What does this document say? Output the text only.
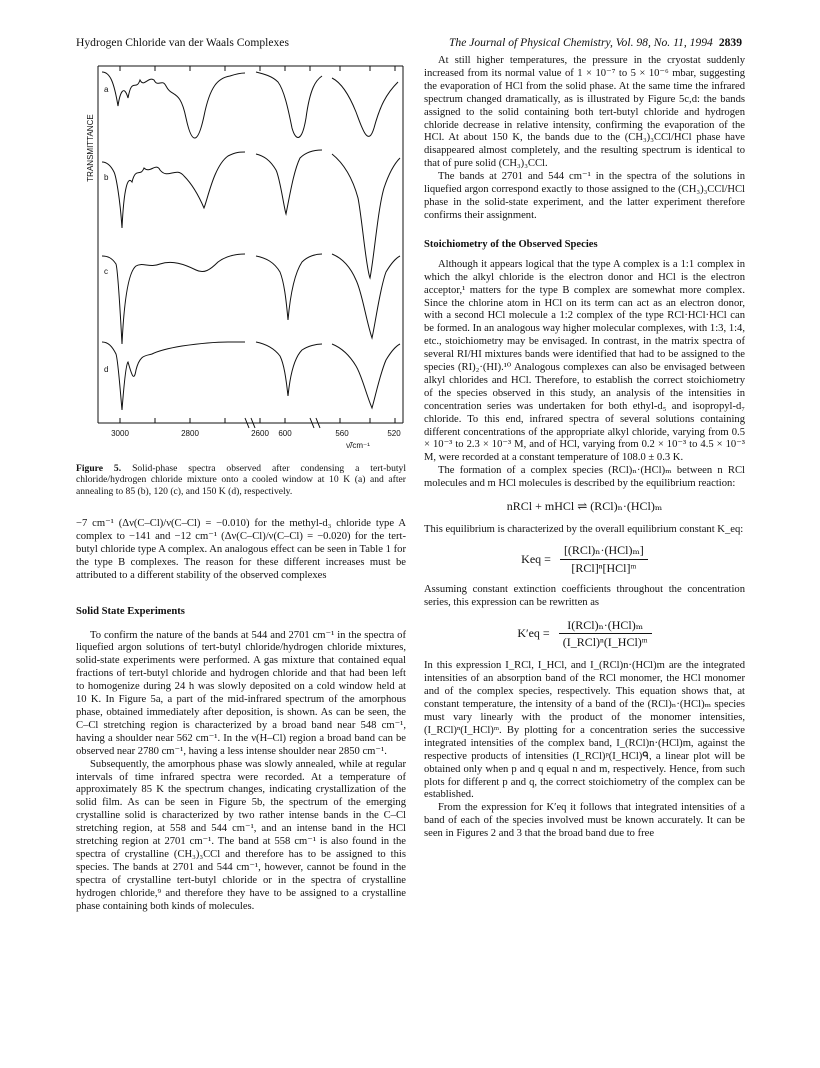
Hydrogen Chloride van der Waals Complexes	The Journal of Physical Chemistry, Vol. 98, No. 11, 1994 2839
TRANSMITTANCE
a
b
c
d
3000	2800	2600 600	560	520
ν̃/cm⁻¹
Figure 5. Solid-phase spectra observed after condensing a tert-butyl chloride/hydrogen chloride mixture onto a cooled window at 10 K (a) and after annealing to 85 (b), 120 (c), and 150 K (d), respectively.

−7 cm⁻¹ (Δν(C–Cl)/ν(C–Cl) = −0.010) for the methyl-d₃ chloride type A complex to −141 and −12 cm⁻¹ (Δν(C–Cl)/ν(C–Cl) = −0.020) for the tert-butyl chloride type A complex. An analogous effect can be seen in Table 1 for the type B complexes. The reason for these different increases must be attributed to a different stability of the observed complexes

Solid State Experiments

To confirm the nature of the bands at 544 and 2701 cm⁻¹ in the spectra of liquefied argon solutions of tert-butyl chloride/hydrogen chloride mixtures, solid-state experiments were performed. A gas mixture that contained equal fractions of tert-butyl chloride and hydrogen chloride and that had been left to homogenize during 24 h was slowly deposited on a cold window held at 10 K. In Figure 5a, a part of the mid-infrared spectrum of the amorphous phase, obtained immediately after deposition, is shown. As can be seen, the C–Cl stretching region is characterized by a broad band near 548 cm⁻¹, having a shoulder near 562 cm⁻¹. In the ν(H–Cl) region a broad band can be observed near 2780 cm⁻¹, having a less intense shoulder near 2850 cm⁻¹.

Subsequently, the amorphous phase was slowly annealed, while at regular intervals of time infrared spectra were recorded. At a temperature of approximately 85 K the spectrum changes, indicating crystallization of the solid film. As can be seen in Figure 5b, the spectrum of the emerging crystalline solid is characterized by two rather intense bands in the C–Cl stretching region, at 558 and 544 cm⁻¹, and an intense band in the HCl stretching region at 2701 cm⁻¹. The band at 558 cm⁻¹ is also found in the spectra of crystalline (CH₃)₃CCl and therefore has to be assigned to this species. The bands at 2701 and 544 cm⁻¹, however, cannot be found in the spectra of crystalline tert-butyl chloride or in the spectra of crystalline hydrogen chloride,⁹ and therefore they have to be assigned to a crystalline phase containing both kinds of molecules.

At still higher temperatures, the pressure in the cryostat suddenly increased from its normal value of 1 × 10⁻⁷ to 5 × 10⁻⁶ mbar, suggesting the evaporation of HCl from the solid phase. At the same time the infrared spectrum changed dramatically, as is illustrated by Figure 5c,d: the bands assigned to the solid containing both tert-butyl chloride and hydrogen chloride decrease in relative intensity, confirming the evaporation of the HCl. At about 150 K, the bands due to the (CH₃)₃CCl/HCl phase have disappeared almost completely, and the resulting spectrum is identical to that of pure solid (CH₃)₃CCl.

The bands at 2701 and 544 cm⁻¹ in the spectra of the solutions in liquefied argon correspond exactly to those assigned to the (CH₃)₃CCl/HCl phase in the solid-state experiment, and the latter experiment therefore confirms their assignment.

Stoichiometry of the Observed Species

Although it appears logical that the type A complex is a 1:1 complex in which the alkyl chloride is the electron donor and HCl is the electron acceptor,¹ matters for the type B complex are somewhat more complex. Since the chlorine atom in HCl on its term can act as an electron donor, with a second HCl molecule a 1:2 complex of the type RCl·HCl·HCl can be formed. In an analogous way higher molecular complexes, with 1:3, 1:4, etc., stoichiometry may be envisaged. In contrast, in the matrix spectra of several RI/HI mixtures bands were identified that had to be assigned to the species (RI)₂·(HI).¹⁰ Analogous complexes can also be envisaged between alkyl chlorides and HCl. Therefore, to establish the correct stoichiometry of the species observed in this study, an analysis of the intensities in concentration series was undertaken for both ethyl-d₅ and isopropyl-d₇ chloride. To this end, infrared spectra of several solutions containing different concentrations of the appropriate alkyl chloride, varying from 0.5 × 10⁻³ to 2.3 × 10⁻³ M, and of HCl, varying from 0.2 × 10⁻³ to 4.5 × 10⁻³ M, were recorded at a constant temperature of 108.0 ± 0.3 K.

The formation of a complex species (RCl)ₙ·(HCl)ₘ between n RCl molecules and m HCl molecules is described by the equilibrium reaction:

nRCl + mHCl ⇌ (RCl)ₙ·(HCl)ₘ

This equilibrium is characterized by the overall equilibrium constant K_eq:

Keq = $\frac{\text{[(RCl)ₙ·(HCl)ₘ]}}{\text{[RCl]ⁿ[HCl]ᵐ}}$

Assuming constant extinction coefficients throughout the concentration series, this expression can be rewritten as

$K'eq = \frac{\text{I(RCl)ₙ·(HCl)ₘ}}{\text{(I\_RCl)ⁿ(I\_HCl)ᵐ}}$

In this expression I_RCl, I_HCl, and I_(RCl)n·(HCl)m are the integrated intensities of an absorption band of the RCl monomer, the HCl monomer and of the complex species, respectively. This equation shows that, at constant temperature, the intensity of a band of the (RCl)ₙ·(HCl)ₘ species must vary linearly with the product of the monomer intensities, (I_RCl)ⁿ(I_HCl)ᵐ. By plotting for a concentration series the successive integrated intensities of the complex band, I_(RCl)n·(HCl)m, against the respective products of intensities (I_RCl)ᵖ(I_HCl)ᑫ, a linear plot will be obtained only when p and q equal n and m, respectively. Hence, from such plots for different p and q, the correct stoichiometry of the complex can be established.

From the expression for K′eq it follows that integrated intensities of a band of each of the species involved must be known accurately. It can be seen in Figures 2 and 3 that the broad band due to free
